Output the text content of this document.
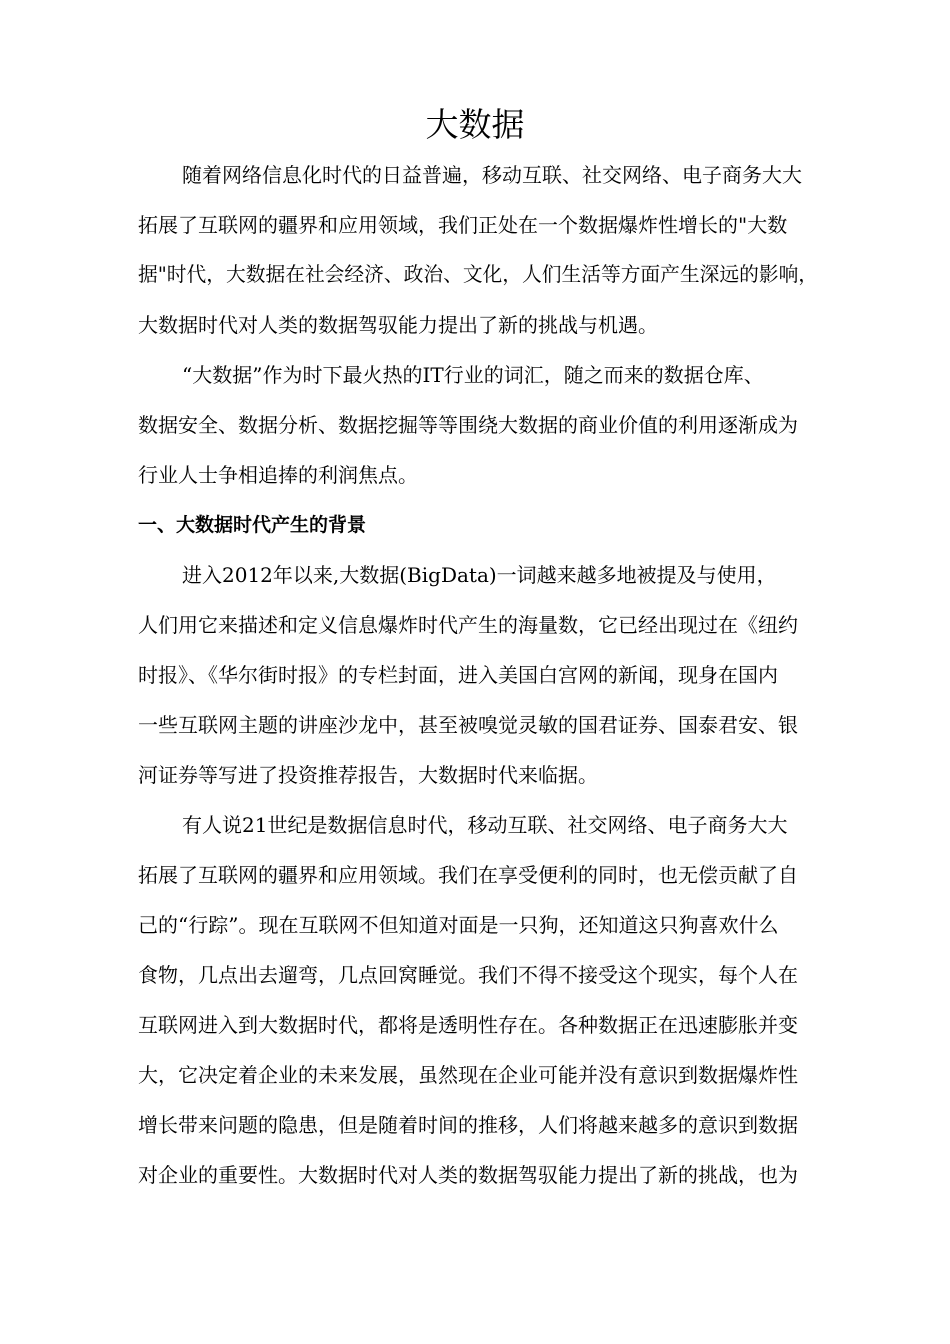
大数据
随着网络信息化时代的日益普遍，移动互联、社交网络、电子商务大大
拓展了互联网的疆界和应用领域，我们正处在一个数据爆炸性增长的"大数
据"时代，大数据在社会经济、政治、文化，人们生活等方面产生深远的影响，
大数据时代对人类的数据驾驭能力提出了新的挑战与机遇。
“大数据”作为时下最火热的IT行业的词汇，随之而来的数据仓库、
数据安全、数据分析、数据挖掘等等围绕大数据的商业价值的利用逐渐成为
行业人士争相追捧的利润焦点。
一、大数据时代产生的背景
进入2012年以来,大数据(BigData)一词越来越多地被提及与使用，
人们用它来描述和定义信息爆炸时代产生的海量数，它已经出现过在《纽约
时报》、《华尔街时报》的专栏封面，进入美国白宫网的新闻，现身在国内
一些互联网主题的讲座沙龙中，甚至被嗅觉灵敏的国君证券、国泰君安、银
河证券等写进了投资推荐报告，大数据时代来临据。
有人说21世纪是数据信息时代，移动互联、社交网络、电子商务大大
拓展了互联网的疆界和应用领域。我们在享受便利的同时，也无偿贡献了自
己的“行踪”。现在互联网不但知道对面是一只狗，还知道这只狗喜欢什么
食物，几点出去遛弯，几点回窝睡觉。我们不得不接受这个现实，每个人在
互联网进入到大数据时代，都将是透明性存在。各种数据正在迅速膨胀并变
大，它决定着企业的未来发展，虽然现在企业可能并没有意识到数据爆炸性
增长带来问题的隐患，但是随着时间的推移，人们将越来越多的意识到数据
对企业的重要性。大数据时代对人类的数据驾驭能力提出了新的挑战，也为
